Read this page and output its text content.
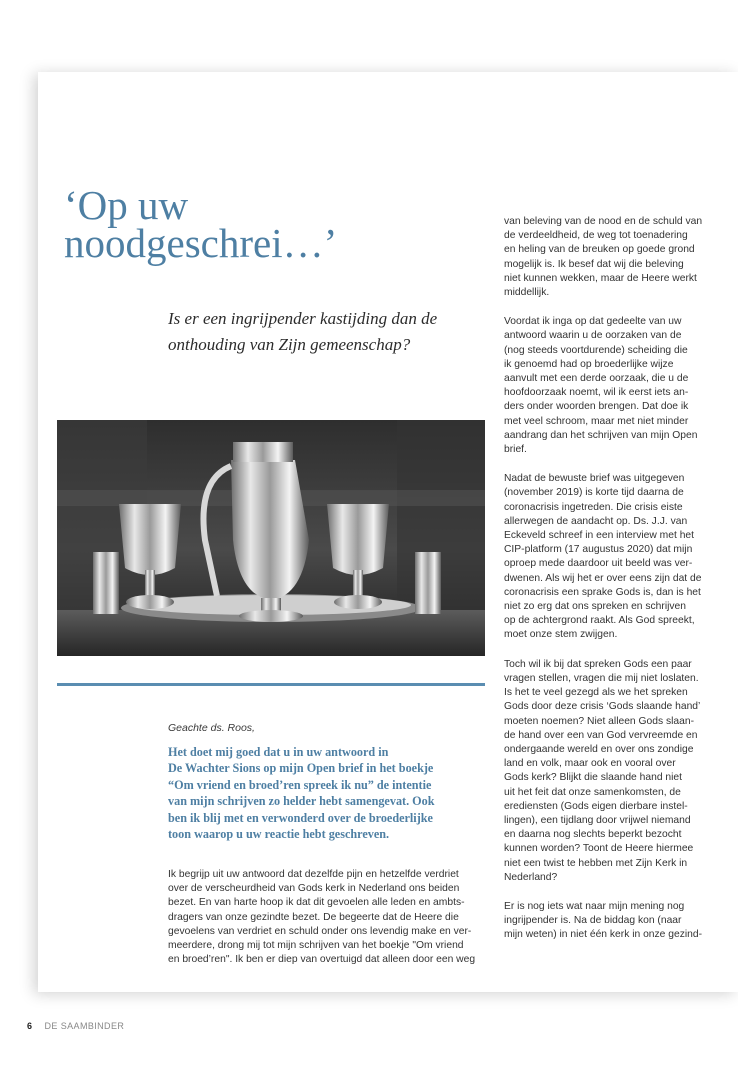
‘Op uw
noodgeschrei…’

Is er een ingrijpender kastijding dan de
onthouding van Zijn gemeenschap?

Geachte ds. Roos,

Het doet mij goed dat u in uw antwoord in
De Wachter Sions op mijn Open brief in het boekje
“Om vriend en broed’ren spreek ik nu” de intentie
van mijn schrijven zo helder hebt samengevat. Ook
ben ik blij met en verwonderd over de broederlijke
toon waarop u uw reactie hebt geschreven.

Ik begrijp uit uw antwoord dat dezelfde pijn en hetzelfde verdriet
over de verscheurdheid van Gods kerk in Nederland ons beiden
bezet. En van harte hoop ik dat dit gevoelen alle leden en ambts-
dragers van onze gezindte bezet. De begeerte dat de Heere die
gevoelens van verdriet en schuld onder ons levendig make en ver-
meerdere, drong mij tot mijn schrijven van het boekje "Om vriend
en broed’ren". Ik ben er diep van overtuigd dat alleen door een weg

van beleving van de nood en de schuld van
de verdeeldheid, de weg tot toenadering
en heling van de breuken op goede grond
mogelijk is. Ik besef dat wij die beleving
niet kunnen wekken, maar de Heere werkt
middellijk.

Voordat ik inga op dat gedeelte van uw
antwoord waarin u de oorzaken van de
(nog steeds voortdurende) scheiding die
ik genoemd had op broederlijke wijze
aanvult met een derde oorzaak, die u de
hoofdoorzaak noemt, wil ik eerst iets an-
ders onder woorden brengen. Dat doe ik
met veel schroom, maar met niet minder
aandrang dan het schrijven van mijn Open
brief.

Nadat de bewuste brief was uitgegeven
(november 2019) is korte tijd daarna de
coronacrisis ingetreden. Die crisis eiste
allerwegen de aandacht op. Ds. J.J. van
Eckeveld schreef in een interview met het
CIP-platform (17 augustus 2020) dat mijn
oproep mede daardoor uit beeld was ver-
dwenen. Als wij het er over eens zijn dat de
coronacrisis een sprake Gods is, dan is het
niet zo erg dat ons spreken en schrijven
op de achtergrond raakt. Als God spreekt,
moet onze stem zwijgen.

Toch wil ik bij dat spreken Gods een paar
vragen stellen, vragen die mij niet loslaten.
Is het te veel gezegd als we het spreken
Gods door deze crisis ‘Gods slaande hand’
moeten noemen? Niet alleen Gods slaan-
de hand over een van God vervreemde en
ondergaande wereld en over ons zondige
land en volk, maar ook en vooral over
Gods kerk? Blijkt die slaande hand niet
uit het feit dat onze samenkomsten, de
erediensten (Gods eigen dierbare instel-
lingen), een tijdlang door vrijwel niemand
en daarna nog slechts beperkt bezocht
kunnen worden? Toont de Heere hiermee
niet een twist te hebben met Zijn Kerk in
Nederland?

Er is nog iets wat naar mijn mening nog
ingrijpender is. Na de biddag kon (naar
mijn weten) in niet één kerk in onze gezind-

6 DE SAAMBINDER
